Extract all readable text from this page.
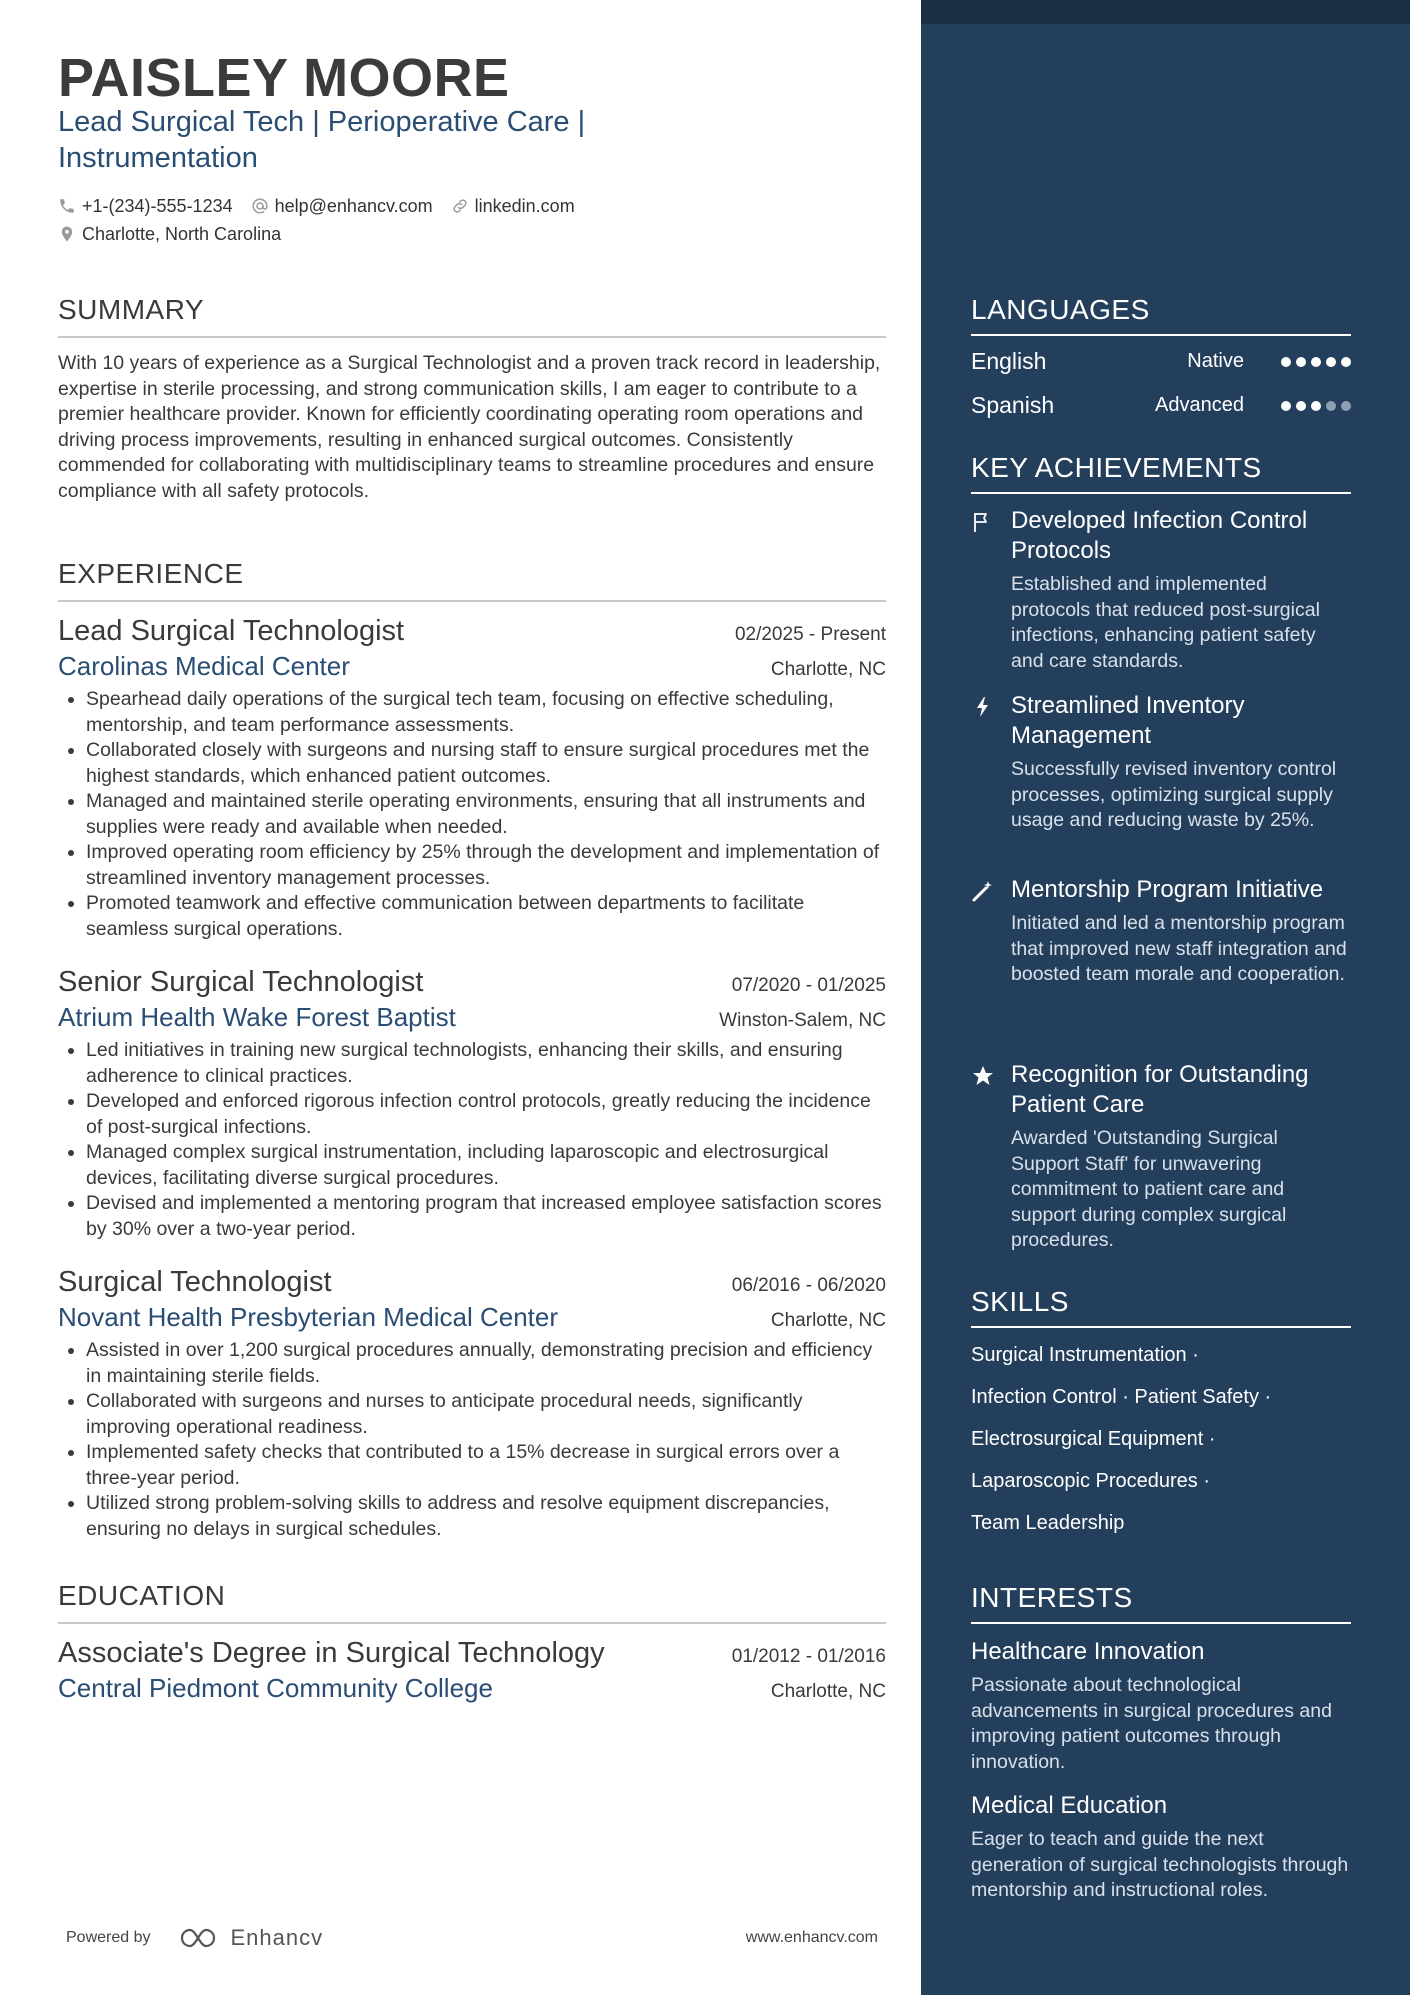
PAISLEY MOORE
Lead Surgical Tech | Perioperative Care | Instrumentation
+1-(234)-555-1234 help@enhancv.com linkedin.com
Charlotte, North Carolina
SUMMARY

With 10 years of experience as a Surgical Technologist and a proven track record in leadership, expertise in sterile processing, and strong communication skills, I am eager to contribute to a premier healthcare provider. Known for efficiently coordinating operating room operations and driving process improvements, resulting in enhanced surgical outcomes. Consistently commended for collaborating with multidisciplinary teams to streamline procedures and ensure compliance with all safety protocols.

EXPERIENCE
Lead Surgical Technologist	02/2025 - Present
Carolinas Medical Center	Charlotte, NC
• Spearhead daily operations of the surgical tech team, focusing on effective scheduling, mentorship, and team performance assessments.
• Collaborated closely with surgeons and nursing staff to ensure surgical procedures met the highest standards, which enhanced patient outcomes.
• Managed and maintained sterile operating environments, ensuring that all instruments and supplies were ready and available when needed.
• Improved operating room efficiency by 25% through the development and implementation of streamlined inventory management processes.
• Promoted teamwork and effective communication between departments to facilitate seamless surgical operations.
Senior Surgical Technologist	07/2020 - 01/2025
Atrium Health Wake Forest Baptist	Winston-Salem, NC
• Led initiatives in training new surgical technologists, enhancing their skills, and ensuring adherence to clinical practices.
• Developed and enforced rigorous infection control protocols, greatly reducing the incidence of post-surgical infections.
• Managed complex surgical instrumentation, including laparoscopic and electrosurgical devices, facilitating diverse surgical procedures.
• Devised and implemented a mentoring program that increased employee satisfaction scores by 30% over a two-year period.
Surgical Technologist	06/2016 - 06/2020
Novant Health Presbyterian Medical Center	Charlotte, NC
• Assisted in over 1,200 surgical procedures annually, demonstrating precision and efficiency in maintaining sterile fields.
• Collaborated with surgeons and nurses to anticipate procedural needs, significantly improving operational readiness.
• Implemented safety checks that contributed to a 15% decrease in surgical errors over a three-year period.
• Utilized strong problem-solving skills to address and resolve equipment discrepancies, ensuring no delays in surgical schedules.
EDUCATION
Associate's Degree in Surgical Technology	01/2012 - 01/2016
Central Piedmont Community College	Charlotte, NC
Powered by	Enhancv	www.enhancv.com
LANGUAGES
English	Native
Spanish	Advanced
KEY ACHIEVEMENTS
Developed Infection Control Protocols
Established and implemented protocols that reduced post-surgical infections, enhancing patient safety and care standards.
Streamlined Inventory Management
Successfully revised inventory control processes, optimizing surgical supply usage and reducing waste by 25%.
Mentorship Program Initiative
Initiated and led a mentorship program that improved new staff integration and boosted team morale and cooperation.
Recognition for Outstanding Patient Care
Awarded 'Outstanding Surgical Support Staff' for unwavering commitment to patient care and support during complex surgical procedures.
SKILLS
Surgical Instrumentation ·
Infection Control · Patient Safety ·
Electrosurgical Equipment ·
Laparoscopic Procedures ·
Team Leadership
INTERESTS
Healthcare Innovation
Passionate about technological advancements in surgical procedures and improving patient outcomes through innovation.
Medical Education
Eager to teach and guide the next generation of surgical technologists through mentorship and instructional roles.
